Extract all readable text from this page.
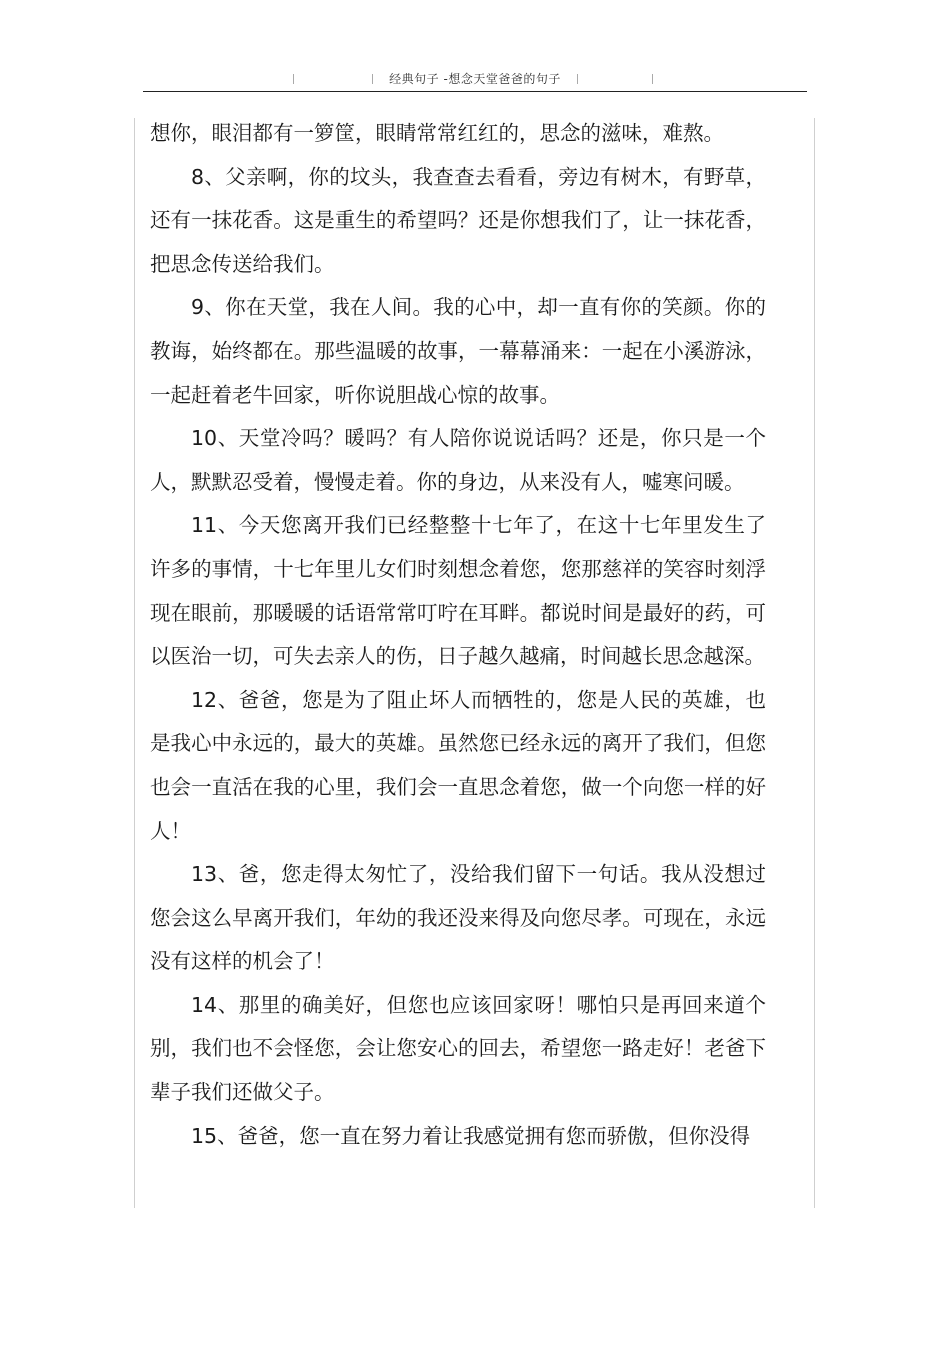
经典句子 -想念天堂爸爸的句子

想你，眼泪都有一箩筐，眼睛常常红红的，思念的滋味，难熬。

8、父亲啊，你的坟头，我查查去看看，旁边有树木，有野草，还有一抹花香。这是重生的希望吗？还是你想我们了，让一抹花香，把思念传送给我们。

9、你在天堂，我在人间。我的心中，却一直有你的笑颜。你的教诲，始终都在。那些温暖的故事，一幕幕涌来：一起在小溪游泳，一起赶着老牛回家，听你说胆战心惊的故事。

10、天堂冷吗？暖吗？有人陪你说说话吗？还是，你只是一个人，默默忍受着，慢慢走着。你的身边，从来没有人，嘘寒问暖。

11、今天您离开我们已经整整十七年了，在这十七年里发生了许多的事情，十七年里儿女们时刻想念着您，您那慈祥的笑容时刻浮现在眼前，那暖暖的话语常常叮咛在耳畔。都说时间是最好的药，可以医治一切，可失去亲人的伤，日子越久越痛，时间越长思念越深。

12、爸爸，您是为了阻止坏人而牺牲的，您是人民的英雄，也是我心中永远的，最大的英雄。虽然您已经永远的离开了我们，但您也会一直活在我的心里，我们会一直思念着您，做一个向您一样的好人！

13、爸，您走得太匆忙了，没给我们留下一句话。我从没想过您会这么早离开我们，年幼的我还没来得及向您尽孝。可现在，永远没有这样的机会了！

14、那里的确美好，但您也应该回家呀！哪怕只是再回来道个别，我们也不会怪您，会让您安心的回去，希望您一路走好！老爸下辈子我们还做父子。

15、爸爸，您一直在努力着让我感觉拥有您而骄傲，但你没得
